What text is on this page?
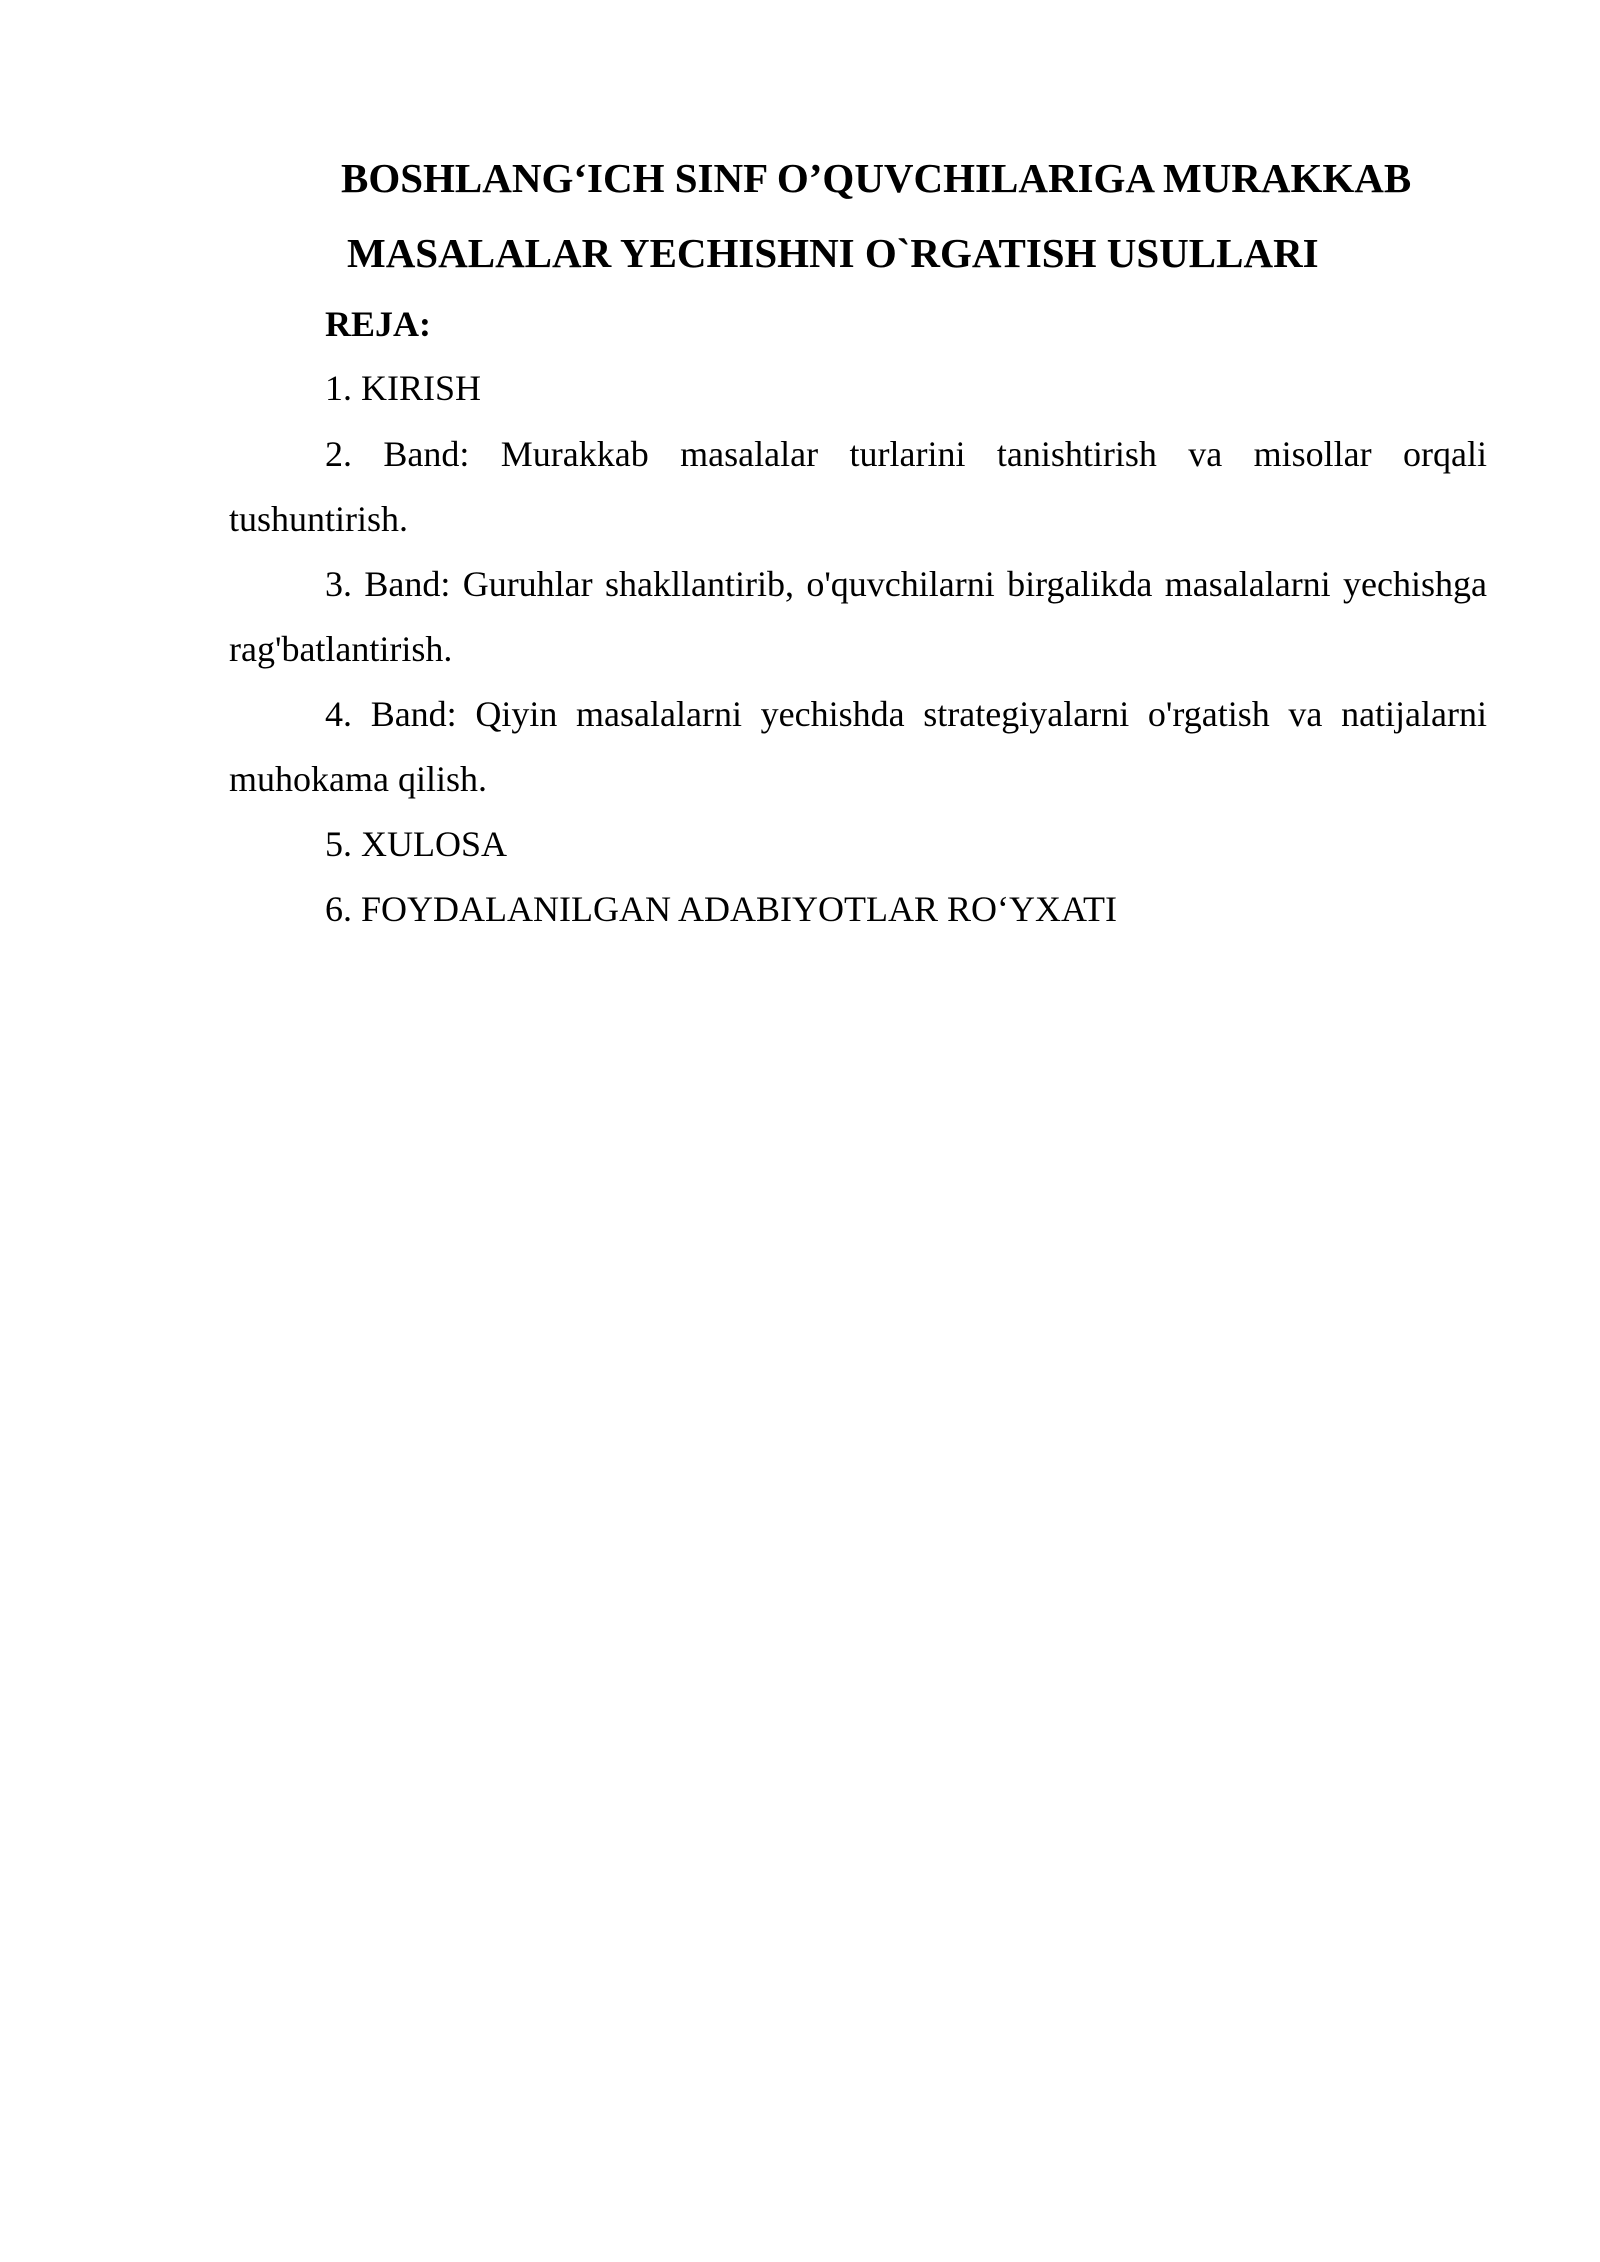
BOSHLANG‘ICH SINF O’QUVCHILARIGA MURAKKAB
MASALALAR YECHISHNI O`RGATISH USULLARI
REJA:
1. KIRISH
2. Band: Murakkab masalalar turlarini tanishtirish va misollar orqali tushuntirish.
3. Band: Guruhlar shakllantirib, o'quvchilarni birgalikda masalalarni yechishga rag'batlantirish.
4. Band: Qiyin masalalarni yechishda strategiyalarni o'rgatish va natijalarni muhokama qilish.
5. XULOSA
6. FOYDALANILGAN ADABIYOTLAR RO‘YXATI
